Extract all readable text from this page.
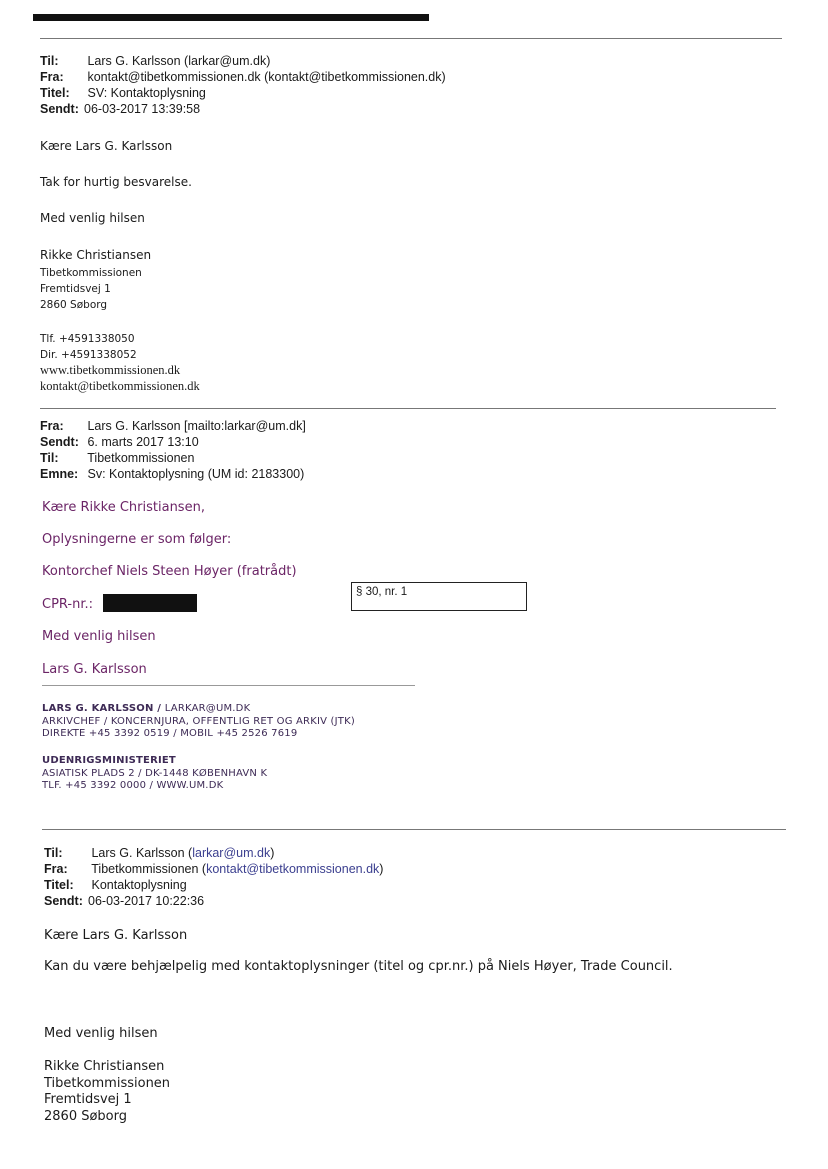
Til: Lars G. Karlsson (larkar@um.dk)
Fra: kontakt@tibetkommissionen.dk (kontakt@tibetkommissionen.dk)
Titel: SV: Kontaktoplysning
Sendt: 06-03-2017 13:39:58
Kære Lars G. Karlsson
Tak for hurtig besvarelse.
Med venlig hilsen
Rikke Christiansen
Tibetkommissionen
Fremtidsvej 1
2860 Søborg
Tlf. +4591338050
Dir. +4591338052
www.tibetkommissionen.dk
kontakt@tibetkommissionen.dk
Fra: Lars G. Karlsson [mailto:larkar@um.dk]
Sendt: 6. marts 2017 13:10
Til: Tibetkommissionen
Emne: Sv: Kontaktoplysning (UM id: 2183300)
Kære Rikke Christiansen,
Oplysningerne er som følger:
Kontorchef Niels Steen Høyer (fratrådt)
CPR-nr.:
§ 30, nr. 1
Med venlig hilsen
Lars G. Karlsson
LARS G. KARLSSON / LARKAR@UM.DK
ARKIVCHEF / KONCERNJURA, OFFENTLIG RET OG ARKIV (JTK)
DIREKTE +45 3392 0519 / MOBIL +45 2526 7619
UDENRIGSMINISTERIET
ASIATISK PLADS 2 / DK-1448 KØBENHAVN K
TLF. +45 3392 0000 / WWW.UM.DK
Til: Lars G. Karlsson (larkar@um.dk)
Fra: Tibetkommissionen (kontakt@tibetkommissionen.dk)
Titel: Kontaktoplysning
Sendt: 06-03-2017 10:22:36
Kære Lars G. Karlsson
Kan du være behjælpelig med kontaktoplysninger (titel og cpr.nr.) på Niels Høyer, Trade Council.
Med venlig hilsen
Rikke Christiansen
Tibetkommissionen
Fremtidsvej 1
2860 Søborg
